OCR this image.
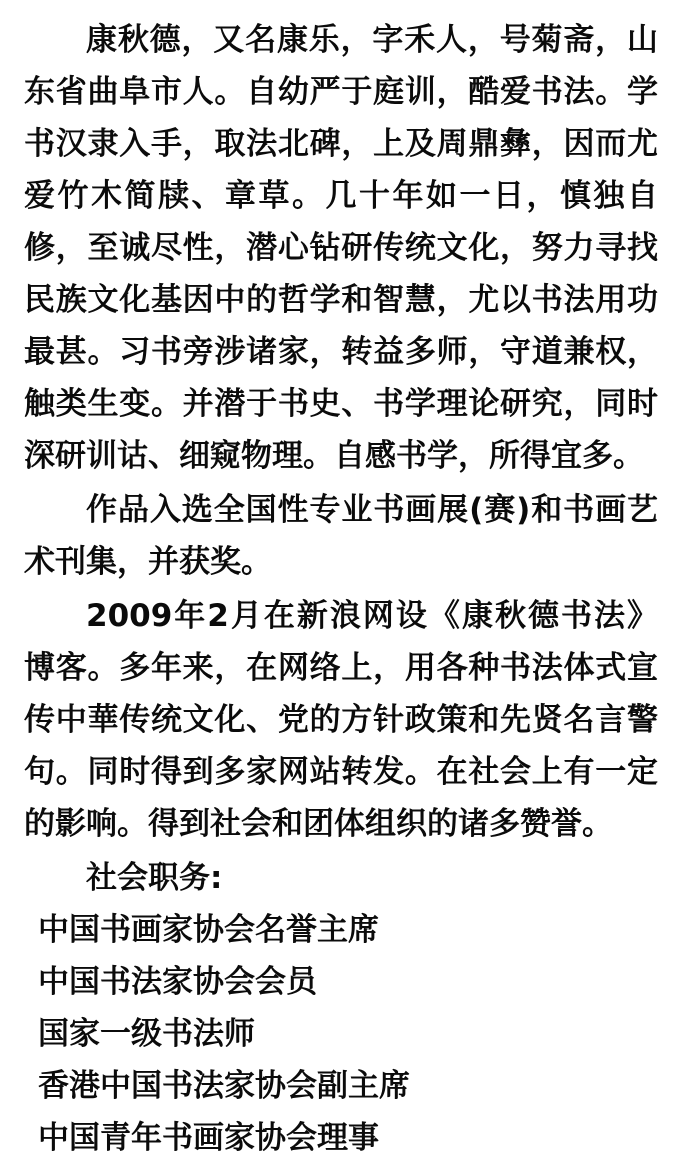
康秋德，又名康乐，字禾人，号菊斋，山东省曲阜市人。自幼严于庭训，酷爱书法。学书汉隶入手，取法北碑，上及周鼎彝，因而尤爱竹木简牍、章草。几十年如一日，慎独自修，至诚尽性，潜心钻研传统文化，努力寻找民族文化基因中的哲学和智慧，尤以书法用功最甚。习书旁涉诸家，转益多师，守道兼权，触类生变。并潜于书史、书学理论研究，同时深研训诂、细窥物理。自感书学，所得宜多。

作品入选全国性专业书画展(赛)和书画艺术刊集，并获奖。

2009年2月在新浪网设《康秋德书法》博客。多年来，在网络上，用各种书法体式宣传中華传统文化、党的方针政策和先贤名言警句。同时得到多家网站转发。在社会上有一定的影响。得到社会和团体组织的诸多赞誉。

社会职务:

中国书画家协会名誉主席
中国书法家协会会员
国家一级书法师
香港中国书法家协会副主席
中国青年书画家协会理事
